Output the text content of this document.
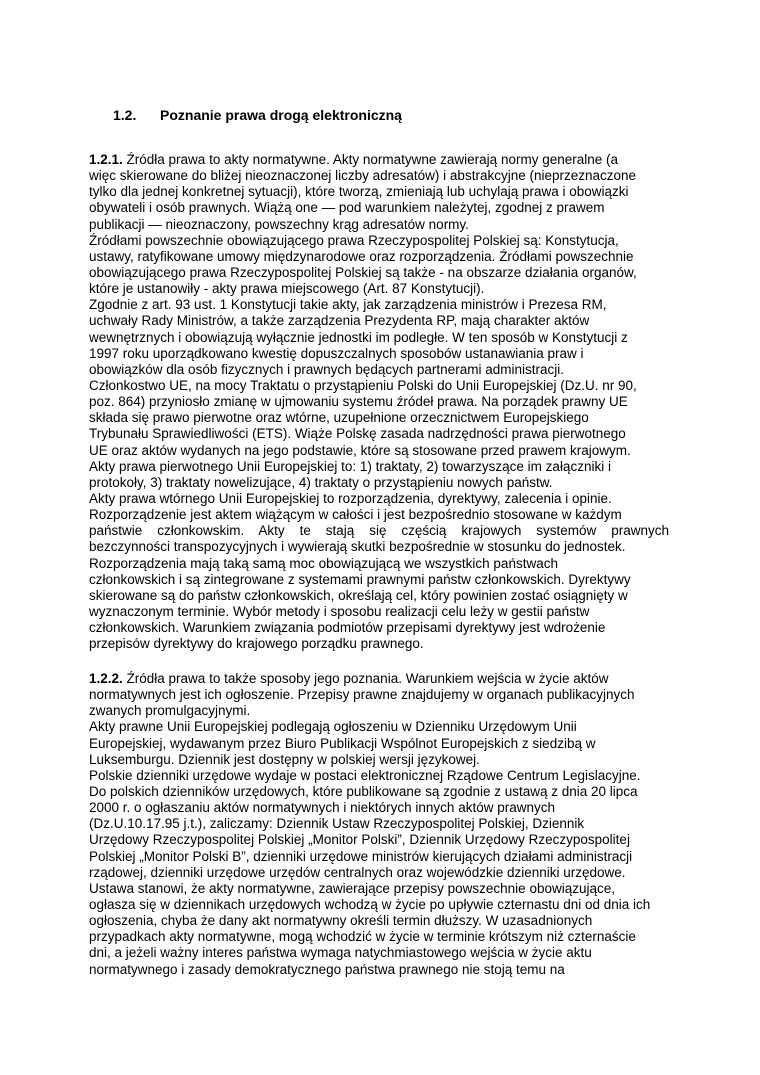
1.2. Poznanie prawa drogą elektroniczną
1.2.1. Źródła prawa to akty normatywne. Akty normatywne zawierają normy generalne (a
więc skierowane do bliżej nieoznaczonej liczby adresatów) i abstrakcyjne (nieprzeznaczone
tylko dla jednej konkretnej sytuacji), które tworzą, zmieniają lub uchylają prawa i obowiązki
obywateli i osób prawnych. Wiążą one — pod warunkiem należytej, zgodnej z prawem
publikacji — nieoznaczony, powszechny krąg adresatów normy.
Źródłami powszechnie obowiązującego prawa Rzeczypospolitej Polskiej są: Konstytucja,
ustawy, ratyfikowane umowy międzynarodowe oraz rozporządzenia. Źródłami powszechnie
obowiązującego prawa Rzeczypospolitej Polskiej są także - na obszarze działania organów,
które je ustanowiły - akty prawa miejscowego (Art. 87 Konstytucji).
Zgodnie z art. 93 ust. 1 Konstytucji takie akty, jak zarządzenia ministrów i Prezesa RM,
uchwały Rady Ministrów, a także zarządzenia Prezydenta RP, mają charakter aktów
wewnętrznych i obowiązują wyłącznie jednostki im podległe. W ten sposób w Konstytucji z
1997 roku uporządkowano kwestię dopuszczalnych sposobów ustanawiania praw i
obowiązków dla osób fizycznych i prawnych będących partnerami administracji.
Członkostwo UE, na mocy Traktatu o przystąpieniu Polski do Unii Europejskiej (Dz.U. nr 90,
poz. 864) przyniosło zmianę w ujmowaniu systemu źródeł prawa. Na porządek prawny UE
składa się prawo pierwotne oraz wtórne, uzupełnione orzecznictwem Europejskiego
Trybunału Sprawiedliwości (ETS). Wiąże Polskę zasada nadrzędności prawa pierwotnego
UE oraz aktów wydanych na jego podstawie, które są stosowane przed prawem krajowym.
Akty prawa pierwotnego Unii Europejskiej to: 1) traktaty, 2) towarzyszące im załączniki i
protokoły, 3) traktaty nowelizujące, 4) traktaty o przystąpieniu nowych państw.
Akty prawa wtórnego Unii Europejskiej to rozporządzenia, dyrektywy, zalecenia i opinie.
Rozporządzenie jest aktem wiążącym w całości i jest bezpośrednio stosowane w każdym
państwie członkowskim. Akty te stają się częścią krajowych systemów prawnych
bezczynności transpozycyjnych i wywierają skutki bezpośrednie w stosunku do jednostek.
Rozporządzenia mają taką samą moc obowiązującą we wszystkich państwach
członkowskich i są zintegrowane z systemami prawnymi państw członkowskich. Dyrektywy
skierowane są do państw członkowskich, określają cel, który powinien zostać osiągnięty w
wyznaczonym terminie. Wybór metody i sposobu realizacji celu leży w gestii państw
członkowskich. Warunkiem związania podmiotów przepisami dyrektywy jest wdrożenie
przepisów dyrektywy do krajowego porządku prawnego.
1.2.2. Źródła prawa to także sposoby jego poznania. Warunkiem wejścia w życie aktów
normatywnych jest ich ogłoszenie. Przepisy prawne znajdujemy w organach publikacyjnych
zwanych promulgacyjnymi.
Akty prawne Unii Europejskiej podlegają ogłoszeniu w Dzienniku Urzędowym Unii
Europejskiej, wydawanym przez Biuro Publikacji Wspólnot Europejskich z siedzibą w
Luksemburgu. Dziennik jest dostępny w polskiej wersji językowej.
Polskie dzienniki urzędowe wydaje w postaci elektronicznej Rządowe Centrum Legislacyjne.
Do polskich dzienników urzędowych, które publikowane są zgodnie z ustawą z dnia 20 lipca
2000 r. o ogłaszaniu aktów normatywnych i niektórych innych aktów prawnych
(Dz.U.10.17.95 j.t.), zaliczamy: Dziennik Ustaw Rzeczypospolitej Polskiej, Dziennik
Urzędowy Rzeczypospolitej Polskiej „Monitor Polski”, Dziennik Urzędowy Rzeczypospolitej
Polskiej „Monitor Polski B”, dzienniki urzędowe ministrów kierujących działami administracji
rządowej, dzienniki urzędowe urzędów centralnych oraz wojewódzkie dzienniki urzędowe.
Ustawa stanowi, że akty normatywne, zawierające przepisy powszechnie obowiązujące,
ogłasza się w dziennikach urzędowych wchodzą w życie po upływie czternastu dni od dnia ich
ogłoszenia, chyba że dany akt normatywny określi termin dłuższy. W uzasadnionych
przypadkach akty normatywne, mogą wchodzić w życie w terminie krótszym niż czternaście
dni, a jeżeli ważny interes państwa wymaga natychmiastowego wejścia w życie aktu
normatywnego i zasady demokratycznego państwa prawnego nie stoją temu na
